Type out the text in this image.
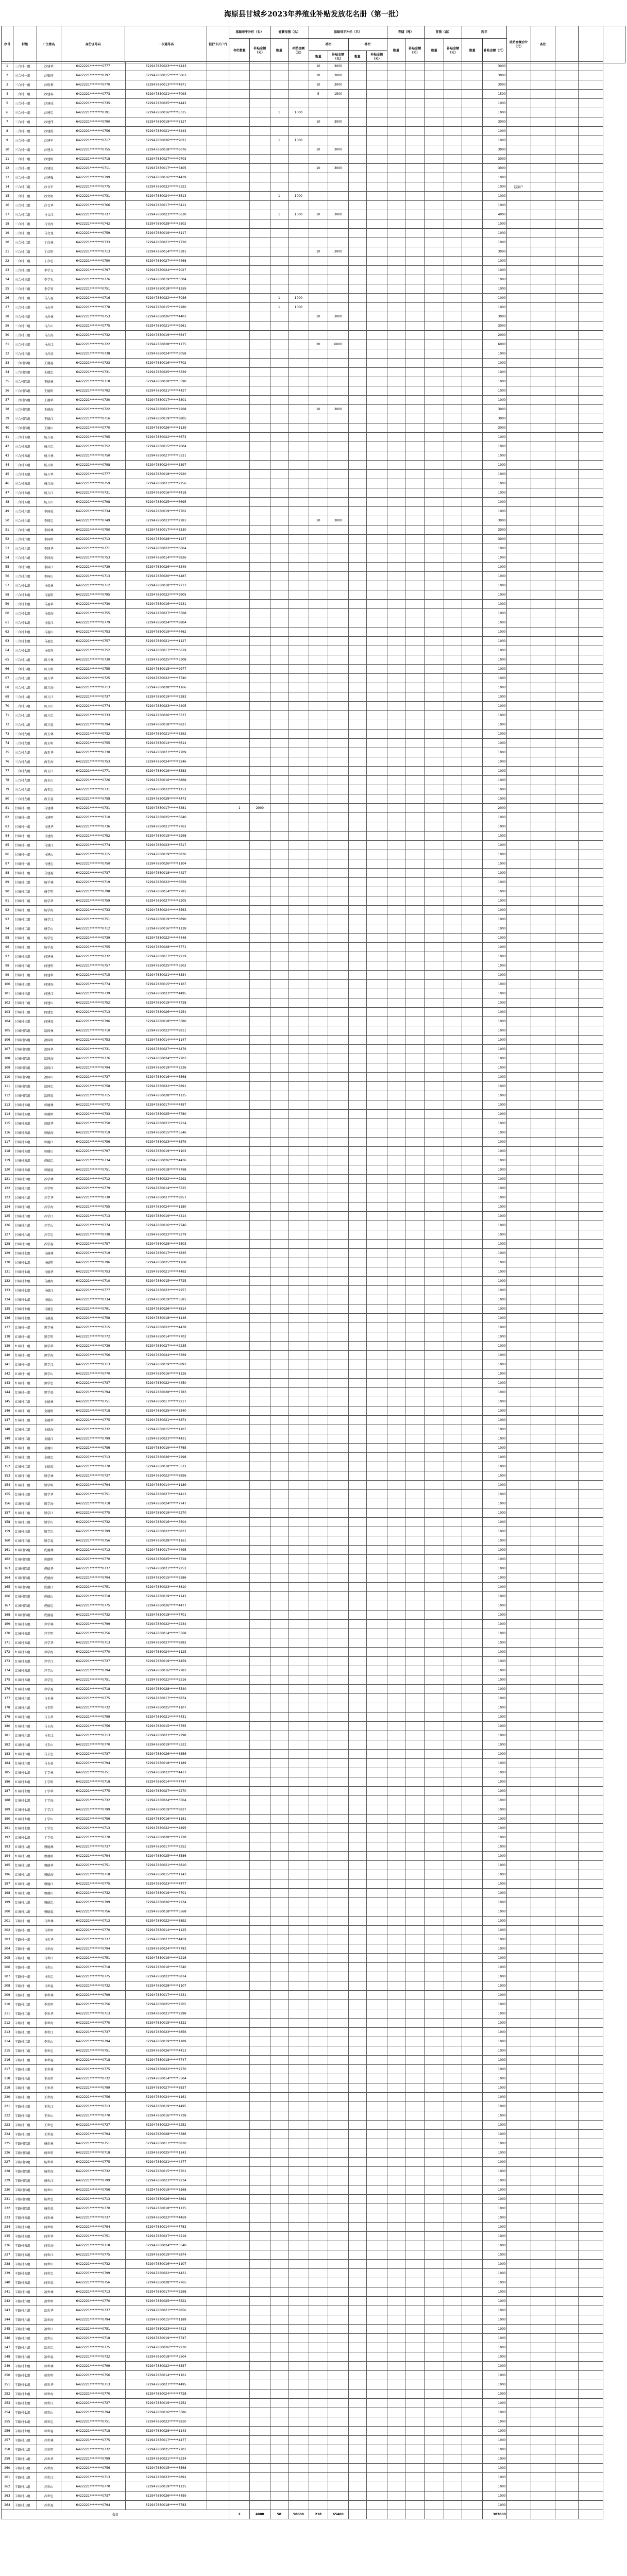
海原县甘城乡2023年养殖业补贴发放花名册（第一批）
序号	村组	户主姓名	身份证号码	一卡通号码	银行卡开户行	基础母牛补栏（头）		能繁母猪（头）		基础母羊补栏（只）				青储（吨）		苜蓿（亩）		肉羊		补贴金额合计（元）	备注			
						存栏数量	补贴金额（元）	数量	补贴金额（元）	补栏		补栏		数量	补贴金额（元）	数量	补贴金额（元）	数量	补贴金额（元）					
										数量	补贴金额（元）	数量	补贴金额（元）											
1	三合村一组	沙建华	6422221********0777	622947880023******4443						10	3000								3000				
2	三合村一组	沙银国	6422221********0797	622947880015******5063						10	3000								3000				
3	三合村一组	沙胜利	6422221********0770	622947880013******4871						10	3000								3000				
4	三合村一组	沙建春	6422221********0773	622947880021******7093						5	1500								1500				
5	三合村一组	沙建成	6422221********0735	622947880025******4443															1000				
6	三合村一组	沙建忠	6422221********0791	622947880016******6315				1	1000										1000				
7	三合村一组	沙建伟	6422221********0790	622947880019******3127						10	3000								3000				
8	三合村一组	沙建俊	6422221********0756	622947880021******3443															1000				
9	三合村一组	沙建军	6422221********0717	622947880026******9021				1	1000										1000				
10	三合村一组	沙建兵	6422221********0755	622947880018******6076						10	3000								3000				
11	三合村一组	沙建明	6422221********0718	622947880027******9703															3000				
12	三合村一组	沙建设	6422221********0711	622947880017******3405						10	3000								3000				
13	三合村一组	沙建强	6422221********0799	622947880016******4439															1000				
14	三合村二组	沙文军	6422221********0775	622947880022******3322															1000	监狱户			
15	三合村二组	沙文明	6422221********0731	622947880024******5513				1	1000										1000				
16	三合村二组	沙文华	6422221********0766	622947880017******6412															1000				
17	三合村二组	马文江	6422221********0737	622947880023******6630				1	1000	10	3000								4000				
18	三合村二组	马文海	6422221********0742	622947880028******5502															1000				
19	三合村二组	马文龙	6422221********0759	622947880019******8117															1000				
20	三合村二组	丁彦林	6422221********0733	622947880021******7720															1000				
21	三合村二组	丁彦明	6422221********0713	622947880014******3391						10	3000								3000				
22	三合村二组	丁彦忠	6422221********0790	622947880027******4468															1000				
23	三合村三组	李学义	6422221********0797	622947880024******2027															1000				
24	三合村三组	李学礼	6422221********0776	622947880019******3304															1000				
25	三合村三组	李学智	6422221********0751	622947880018******1559															1000				
26	三合村三组	马占福	6422221********0716	622947880022******7036				1	1000										1000				
27	三合村三组	马占祥	6422221********0778	622947880015******2280				1	1000										1000				
28	三合村三组	马占林	6422221********0753	622947880026******4403						10	3000								3000				
29	三合村三组	马占山	6422221********0775	622947880021******9961															3000				
30	三合村三组	马占海	6422221********0732	622947880019******6647															2000				
31	三合村三组	马占江	6422221********0722	622947880028******1175						20	6000								6000				
32	三合村三组	马占虎	6422221********0738	622947880024******3058															1000				
33	三合村四组	王德福	6422221********0733	622947880016******7702															1000				
34	三合村四组	王德忠	6422221********0731	622947880025******6339															1000				
35	三合村四组	王德林	6422221********0718	622947880018******5590															1000				
36	三合村四组	王德明	6422221********0792	622947880021******4427															1000				
37	三合村四组	王德华	6422221********0730	622947880017******3301															1000				
38	三合村四组	王德海	6422221********0722	622947880023******2268						10	3000								3000				
39	三合村四组	王德江	6422221********0716	622947880019******8805															3000				
40	三合村四组	王德山	6422221********0770	622947880026******1139															3000				
41	三合村五组	杨万福	6422221********0795	622947880022******6673															1000				
42	三合村五组	杨万忠	6422221********0752	622947880015******7004															1000				
43	三合村五组	杨万林	6422221********0750	622947880027******5521															1000				
44	三合村五组	杨万明	6422221********0798	622947880024******3397															1000				
45	三合村五组	杨万华	6422221********0777	622947880018******9920															1000				
46	三合村五组	杨万海	6422221********0759	622947880021******2256															1000				
47	三合村五组	杨万江	6422221********0731	622947880016******4418															1000				
48	三合村五组	杨万山	6422221********0798	622947880025******6695															1000				
49	三合村六组	李国福	6422221********0734	622947880019******7702															1000				
50	三合村六组	李国忠	6422221********0749	622947880023******2281						10	3000								3000				
51	三合村六组	李国林	6422221********0750	622947880017******5530															3000				
52	三合村六组	李国明	6422221********0713	622947880028******1137															3000				
53	三合村六组	李国华	6422221********0771	622947880022******6604															1000				
54	三合村六组	李国海	6422221********0753	622947880014******8826															1000				
55	三合村六组	李国江	6422221********0739	622947880026******3349															1000				
56	三合村六组	李国山	6422221********0713	622947880020******4487															1000				
57	三合村七组	马福林	6422221********0712	622947880018******7713															1000				
58	三合村七组	马福明	6422221********0795	622947880022******9905															1000				
59	三合村七组	马福华	6422221********0730	622947880016******2231															1000				
60	三合村七组	马福海	6422221********0755	622947880027******5568															1000				
61	三合村七组	马福江	6422221********0779	622947880024******8804															1000				
62	三合村七组	马福山	6422221********0753	622947880019******4462															1000				
63	三合村七组	马福忠	6422221********0757	622947880021******1127															1000				
64	三合村七组	马福祥	6422221********0752	622947880017******6619															1000				
65	三合村八组	田万林	6422221********0730	622947880025******3308															1000				
66	三合村八组	田万明	6422221********0755	622947880015******9977															1000				
67	三合村八组	田万华	6422221********0725	622947880022******7740															1000				
68	三合村八组	田万海	6422221********0713	622947880028******1166															1000				
69	三合村八组	田万江	6422221********0737	622947880019******2283															1000				
70	三合村八组	田万山	6422221********0774	622947880023******4405															1000				
71	三合村八组	田万忠	6422221********0733	622947880026******5537															1000				
72	三合村八组	田万福	6422221********0794	622947880018******8821															1000				
73	三合村九组	海玉林	6422221********0732	622947880021******3392															1000				
74	三合村九组	海玉明	6422221********0755	622947880014******6614															1000				
75	三合村九组	海玉华	6422221********0730	622947880027******7709															1000				
76	三合村九组	海玉海	6422221********0753	622947880024******2246															1000				
77	三合村九组	海玉江	6422221********0771	622947880019******5583															1000				
78	三合村九组	海玉山	6422221********0726	622947880016******8868															1000				
79	三合村九组	海玉忠	6422221********0731	622947880022******1152															1000				
80	三合村九组	海玉福	6422221********0758	622947880028******4473															1000				
81	甘城村一组	马建林	6422221********0731	622947880017******3381		1	2000												2000				
82	甘城村一组	马建明	6422221********0710	622947880025******6640															1000				
83	甘城村一组	马建华	6422221********0736	622947880021******7762															1000				
84	甘城村一组	马建海	6422221********0752	622947880015******2298															1000				
85	甘城村一组	马建江	6422221********0774	622947880023******5517															1000				
86	甘城村一组	马建山	6422221********0715	622947880019******8836															1000				
87	甘城村一组	马建忠	6422221********0750	622947880026******1104															1000				
88	甘城村一组	马建福	6422221********0737	622947880018******4427															1000				
89	甘城村二组	杨学林	6422221********0719	622947880022******6659															1000				
90	甘城村二组	杨学明	6422221********0798	622947880014******7781															1000				
91	甘城村二组	杨学华	6422221********0759	622947880027******2205															1000				
92	甘城村二组	杨学海	6422221********0733	622947880024******5563															1000				
93	甘城村二组	杨学江	6422221********0751	622947880019******8890															1000				
94	甘城村二组	杨学山	6422221********0712	622947880016******1128															1000				
95	甘城村二组	杨学忠	6422221********0739	622947880022******4446															1000				
96	甘城村二组	杨学福	6422221********0755	622947880028******7771															1000				
97	甘城村三组	何建林	6422221********0732	622947880017******2219															1000				
98	甘城村三组	何建明	6422221********0757	622947880025******5502															1000				
99	甘城村三组	何建华	6422221********0715	622947880021******8834															1000				
100	甘城村三组	何建海	6422221********0774	622947880015******1167															1000				
101	甘城村三组	何建江	6422221********0739	622947880023******4495															1000				
102	甘城村三组	何建山	6422221********0752	622947880019******7728															1000				
103	甘城村三组	何建忠	6422221********0713	622947880026******2254															1000				
104	甘城村三组	何建福	6422221********0796	622947880018******5580															1000				
105	甘城村四组	冶国林	6422221********0710	622947880022******8811															1000				
106	甘城村四组	冶国明	6422221********0753	622947880014******1147															1000				
107	甘城村四组	冶国华	6422221********0731	622947880027******4479															1000				
108	甘城村四组	冶国海	6422221********0776	622947880024******7703															1000				
109	甘城村四组	冶国江	6422221********0794	622947880019******2236															1000				
110	甘城村四组	冶国山	6422221********0737	622947880016******5568															1000				
111	甘城村四组	冶国忠	6422221********0758	622947880022******8891															1000				
112	甘城村四组	冶国福	6422221********0715	622947880028******1125															1000				
113	甘城村五组	韩德林	6422221********0772	622947880017******4457															1000				
114	甘城村五组	韩德明	6422221********0733	622947880025******7780															1000				
115	甘城村五组	韩德华	6422221********0750	622947880021******2214															1000				
116	甘城村五组	韩德海	6422221********0719	622947880015******5546															1000				
117	甘城村五组	韩德江	6422221********0756	622947880023******8879															1000				
118	甘城村五组	韩德山	6422221********0797	622947880019******1103															1000				
119	甘城村五组	韩德忠	6422221********0734	622947880026******4436															1000				
120	甘城村五组	韩德福	6422221********0751	622947880018******7768															1000				
121	甘城村六组	苏学林	6422221********0712	622947880022******2292															1000				
122	甘城村六组	苏学明	6422221********0779	622947880014******5525															1000				
123	甘城村六组	苏学华	6422221********0730	622947880027******8857															1000				
124	甘城村六组	苏学海	6422221********0755	622947880024******1180															1000				
125	甘城村六组	苏学江	6422221********0713	622947880019******4414															1000				
126	甘城村六组	苏学山	6422221********0774	622947880016******7746															1000				
127	甘城村六组	苏学忠	6422221********0738	622947880022******2279															1000				
128	甘城村六组	苏学福	6422221********0757	622947880028******5503															1000				
129	甘城村七组	马德林	6422221********0719	622947880017******8835															1000				
130	甘城村七组	马德明	6422221********0796	622947880025******1168															1000				
131	甘城村七组	马德华	6422221********0753	622947880021******4492															1000				
132	甘城村七组	马德海	6422221********0710	622947880015******7725															1000				
133	甘城村七组	马德江	6422221********0777	622947880023******2257															1000				
134	甘城村七组	马德山	6422221********0734	622947880019******5581															1000				
135	甘城村七组	马德忠	6422221********0791	622947880026******8814															1000				
136	甘城村七组	马德福	6422221********0758	622947880018******1146															1000				
137	红城村一组	黑学林	6422221********0715	622947880022******4478															1000				
138	红城村一组	黑学明	6422221********0772	622947880014******7702															1000				
139	红城村一组	黑学华	6422221********0739	622947880027******2235															1000				
140	红城村一组	黑学海	6422221********0756	622947880024******5569															1000				
141	红城村一组	黑学江	6422221********0713	622947880019******8893															1000				
142	红城村一组	黑学山	6422221********0770	622947880016******1126															1000				
143	红城村一组	黑学忠	6422221********0737	622947880022******4450															1000				
144	红城村一组	黑学福	6422221********0794	622947880028******7783															1000				
145	红城村二组	金德林	6422221********0751	622947880017******2217															1000				
146	红城村二组	金德明	6422221********0718	622947880025******5540															1000				
147	红城村二组	金德华	6422221********0775	622947880021******8874															1000				
148	红城村二组	金德海	6422221********0732	622947880015******1107															1000				
149	红城村二组	金德江	6422221********0799	622947880023******4431															1000				
150	红城村二组	金德山	6422221********0756	622947880019******7765															1000				
151	红城村二组	金德忠	6422221********0713	622947880026******2298															1000				
152	红城村二组	金德福	6422221********0770	622947880018******5522															1000				
153	红城村三组	锁学林	6422221********0737	622947880022******8856															1000				
154	红城村三组	锁学明	6422221********0794	622947880014******1189															1000				
155	红城村三组	锁学华	6422221********0751	622947880027******4413															1000				
156	红城村三组	锁学海	6422221********0718	622947880024******7747															1000				
157	红城村三组	锁学江	6422221********0775	622947880019******2270															1000				
158	红城村三组	锁学山	6422221********0732	622947880016******5504															1000				
159	红城村三组	锁学忠	6422221********0799	622947880022******8837															1000				
160	红城村三组	锁学福	6422221********0756	622947880028******1161															1000				
161	红城村四组	虎德林	6422221********0713	622947880017******4495															1000				
162	红城村四组	虎德明	6422221********0770	622947880025******7728															1000				
163	红城村四组	虎德华	6422221********0737	622947880021******2252															1000				
164	红城村四组	虎德海	6422221********0794	622947880015******5586															1000				
165	红城村四组	虎德江	6422221********0751	622947880023******8810															1000				
166	红城村四组	虎德山	6422221********0718	622947880019******1143															1000				
167	红城村四组	虎德忠	6422221********0775	622947880026******4477															1000				
168	红城村四组	虎德福	6422221********0732	622947880018******7701															1000				
169	红城村五组	拜学林	6422221********0799	622947880022******2234															1000				
170	红城村五组	拜学明	6422221********0756	622947880014******5568															1000				
171	红城村五组	拜学华	6422221********0713	622947880027******8892															1000				
172	红城村五组	拜学海	6422221********0770	622947880024******1125															1000				
173	红城村五组	拜学江	6422221********0737	622947880019******4459															1000				
174	红城村五组	拜学山	6422221********0794	622947880016******7783															1000				
175	红城村五组	拜学忠	6422221********0751	622947880022******2216															1000				
176	红城村五组	拜学福	6422221********0718	622947880028******5540															1000				
177	红城村六组	马玉林	6422221********0775	622947880017******8874															1000				
178	红城村六组	马玉明	6422221********0732	622947880025******1107															1000				
179	红城村六组	马玉华	6422221********0799	622947880021******4431															1000				
180	红城村六组	马玉海	6422221********0756	622947880015******7765															1000				
181	红城村六组	马玉江	6422221********0713	622947880023******2298															1000				
182	红城村六组	马玉山	6422221********0770	622947880019******5522															1000				
183	红城村六组	马玉忠	6422221********0737	622947880026******8856															1000				
184	红城村六组	马玉福	6422221********0794	622947880018******1189															1000				
185	红城村七组	丁学林	6422221********0751	622947880022******4413															1000				
186	红城村七组	丁学明	6422221********0718	622947880014******7747															1000				
187	红城村七组	丁学华	6422221********0775	622947880027******2270															1000				
188	红城村七组	丁学海	6422221********0732	622947880024******5504															1000				
189	红城村七组	丁学江	6422221********0799	622947880019******8837															1000				
190	红城村七组	丁学山	6422221********0756	622947880016******1161															1000				
191	红城村七组	丁学忠	6422221********0713	622947880022******4495															1000				
192	红城村七组	丁学福	6422221********0770	622947880028******7728															1000				
193	红城村八组	穆德林	6422221********0737	622947880017******2252															1000				
194	红城村八组	穆德明	6422221********0794	622947880025******5586															1000				
195	红城村八组	穆德华	6422221********0751	622947880021******8810															1000				
196	红城村八组	穆德海	6422221********0718	622947880015******1143															1000				
197	红城村八组	穆德江	6422221********0775	622947880023******4477															1000				
198	红城村八组	穆德山	6422221********0732	622947880019******7701															1000				
199	红城村八组	穆德忠	6422221********0799	622947880026******2234															1000				
200	红城村八组	穆德福	6422221********0756	622947880018******5568															1000				
201	羊路村一组	马世林	6422221********0713	622947880022******8892															1000				
202	羊路村一组	马世明	6422221********0770	622947880014******1125															1000				
203	羊路村一组	马世华	6422221********0737	622947880027******4459															1000				
204	羊路村一组	马世海	6422221********0794	622947880024******7783															1000				
205	羊路村一组	马世江	6422221********0751	622947880019******2216															1000				
206	羊路村一组	马世山	6422221********0718	622947880016******5540															1000				
207	羊路村一组	马世忠	6422221********0775	622947880022******8874															1000				
208	羊路村一组	马世福	6422221********0732	622947880028******1107															1000				
209	羊路村二组	李世林	6422221********0799	622947880017******4431															1000				
210	羊路村二组	李世明	6422221********0756	622947880025******7765															1000				
211	羊路村二组	李世华	6422221********0713	622947880021******2298															1000				
212	羊路村二组	李世海	6422221********0770	622947880015******5522															1000				
213	羊路村二组	李世江	6422221********0737	622947880023******8856															1000				
214	羊路村二组	李世山	6422221********0794	622947880019******1189															1000				
215	羊路村二组	李世忠	6422221********0751	622947880026******4413															1000				
216	羊路村二组	李世福	6422221********0718	622947880018******7747															1000				
217	羊路村三组	王世林	6422221********0775	622947880022******2270															1000				
218	羊路村三组	王世明	6422221********0732	622947880014******5504															1000				
219	羊路村三组	王世华	6422221********0799	622947880027******8837															1000				
220	羊路村三组	王世海	6422221********0756	622947880024******1161															1000				
221	羊路村三组	王世江	6422221********0713	622947880019******4495															1000				
222	羊路村三组	王世山	6422221********0770	622947880016******7728															1000				
223	羊路村三组	王世忠	6422221********0737	622947880022******2252															1000				
224	羊路村三组	王世福	6422221********0794	622947880028******5586															1000				
225	羊路村四组	杨世林	6422221********0751	622947880017******8810															1000				
226	羊路村四组	杨世明	6422221********0718	622947880025******1143															1000				
227	羊路村四组	杨世华	6422221********0775	622947880021******4477															1000				
228	羊路村四组	杨世海	6422221********0732	622947880015******7701															1000				
229	羊路村四组	杨世江	6422221********0799	622947880023******2234															1000				
230	羊路村四组	杨世山	6422221********0756	622947880019******5568															1000				
231	羊路村四组	杨世忠	6422221********0713	622947880026******8892															1000				
232	羊路村四组	杨世福	6422221********0770	622947880018******1125															1000				
233	羊路村五组	何世林	6422221********0737	622947880022******4459															1000				
234	羊路村五组	何世明	6422221********0794	622947880014******7783															1000				
235	羊路村五组	何世华	6422221********0751	622947880027******2216															1000				
236	羊路村五组	何世海	6422221********0718	622947880024******5540															1000				
237	羊路村五组	何世江	6422221********0775	622947880019******8874															1000				
238	羊路村五组	何世山	6422221********0732	622947880016******1107															1000				
239	羊路村五组	何世忠	6422221********0799	622947880022******4431															1000				
240	羊路村五组	何世福	6422221********0756	622947880028******7765															1000				
241	羊路村六组	冶世林	6422221********0713	622947880017******2298															1000				
242	羊路村六组	冶世明	6422221********0770	622947880025******5522															1000				
243	羊路村六组	冶世华	6422221********0737	622947880021******8856															1000				
244	羊路村六组	冶世海	6422221********0794	622947880015******1189															1000				
245	羊路村六组	冶世江	6422221********0751	622947880023******4413															1000				
246	羊路村六组	冶世山	6422221********0718	622947880019******7747															1000				
247	羊路村六组	冶世忠	6422221********0775	622947880026******2270															1000				
248	羊路村六组	冶世福	6422221********0732	622947880018******5504															1000				
249	羊路村七组	韩世林	6422221********0799	622947880022******8837															1000				
250	羊路村七组	韩世明	6422221********0756	622947880014******1161															1000				
251	羊路村七组	韩世华	6422221********0713	622947880027******4495															1000				
252	羊路村七组	韩世海	6422221********0770	622947880024******7728															1000				
253	羊路村七组	韩世江	6422221********0737	622947880019******2252															1000				
254	羊路村七组	韩世山	6422221********0794	622947880016******5586															1000				
255	羊路村七组	韩世忠	6422221********0751	622947880022******8810															1000				
256	羊路村七组	韩世福	6422221********0718	622947880028******1143															1000				
257	羊路村八组	苏世林	6422221********0775	622947880017******4477															1000				
258	羊路村八组	苏世明	6422221********0732	622947880025******7701															1000				
259	羊路村八组	苏世华	6422221********0799	622947880021******2234															1000				
260	羊路村八组	苏世海	6422221********0756	622947880015******5568															1000				
261	羊路村八组	苏世江	6422221********0713	622947880023******8892															1000				
262	羊路村八组	苏世山	6422221********0770	622947880019******1125															1000				
263	羊路村八组	苏世忠	6422221********0737	622947880026******4459															1000				
264	羊路村八组	苏世福	6422221********0794	622947880018******7783															1000				
合计						2	4000	58	58000	218	65400								387000				
